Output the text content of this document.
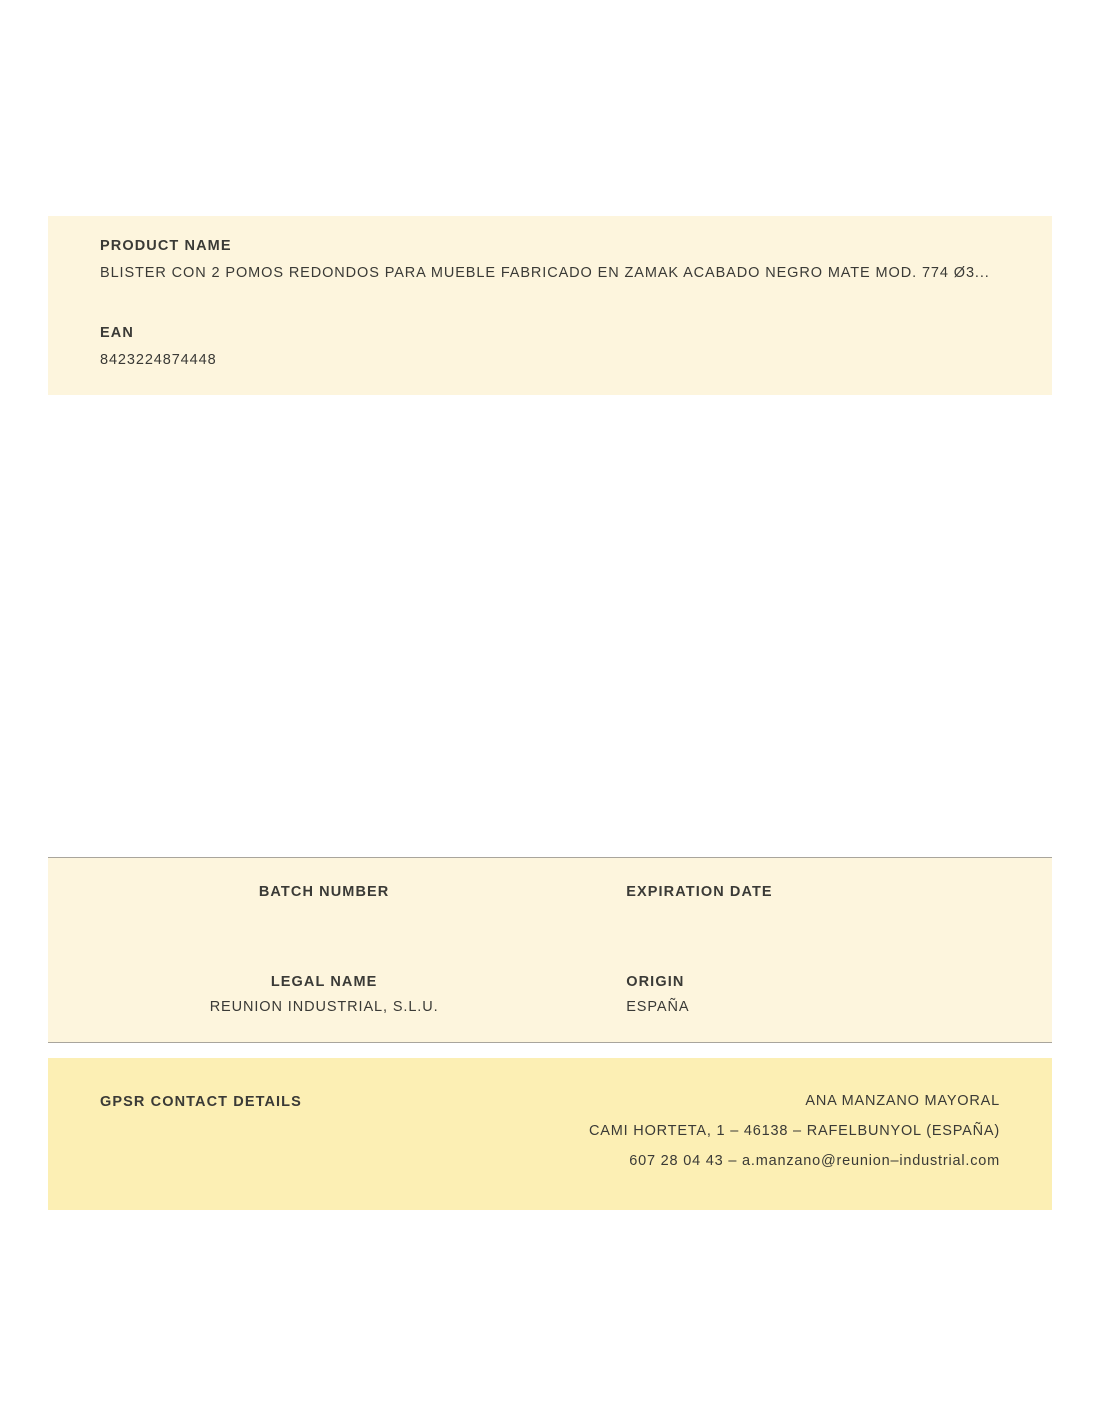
PRODUCT NAME

BLISTER CON 2 POMOS REDONDOS PARA MUEBLE FABRICADO EN ZAMAK ACABADO NEGRO MATE MOD. 774 Ø3...

EAN

8423224874448

BATCH NUMBER	EXPIRATION DATE

LEGAL NAME

REUNION INDUSTRIAL, S.L.U.

ORIGIN

ESPAÑA

GPSR CONTACT DETAILS	ANA MANZANO MAYORAL

CAMI HORTETA, 1 – 46138 – RAFELBUNYOL (ESPAÑA)

607 28 04 43 – a.manzano@reunion–industrial.com
